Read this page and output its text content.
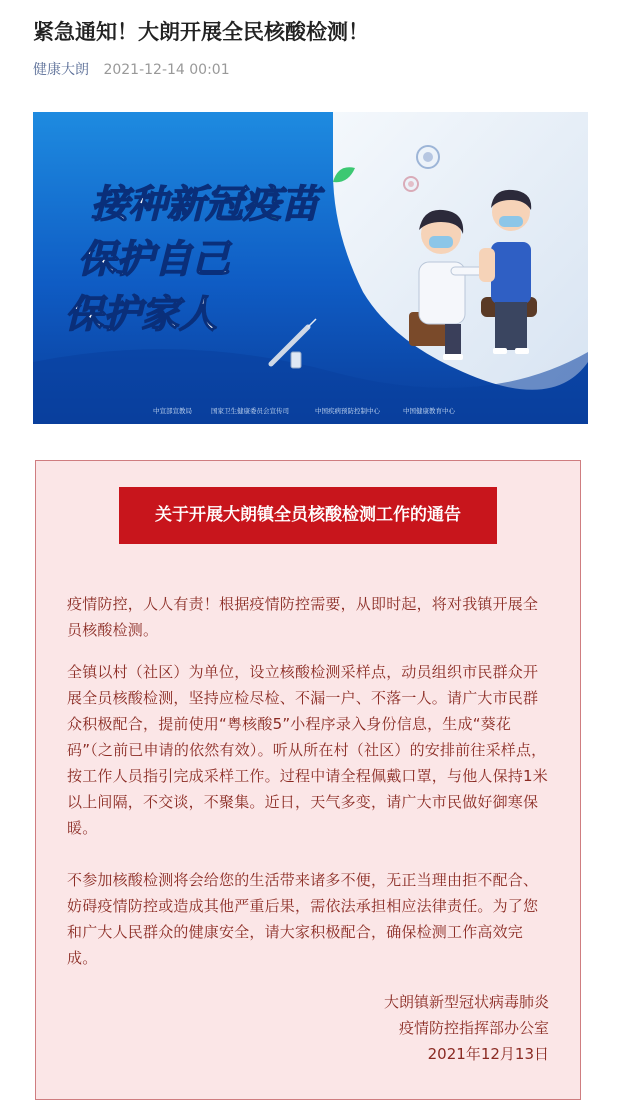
紧急通知！大朗开展全民核酸检测！
健康大朗 2021-12-14 00:01
接种新冠疫苗
保护自己
保护家人
中宣部宣教局	国家卫生健康委员会宣传司	中国疾病预防控制中心	中国健康教育中心
关于开展大朗镇全员核酸检测工作的通告

疫情防控，人人有责！根据疫情防控需要，从即时起，将对我镇开展全员核酸检测。

全镇以村（社区）为单位，设立核酸检测采样点，动员组织市民群众开展全员核酸检测，坚持应检尽检、不漏一户、不落一人。请广大市民群众积极配合，提前使用“粤核酸5”小程序录入身份信息，生成“葵花码”（之前已申请的依然有效）。听从所在村（社区）的安排前往采样点，按工作人员指引完成采样工作。过程中请全程佩戴口罩，与他人保持1米以上间隔，不交谈，不聚集。近日，天气多变，请广大市民做好御寒保暖。

不参加核酸检测将会给您的生活带来诸多不便，无正当理由拒不配合、妨碍疫情防控或造成其他严重后果，需依法承担相应法律责任。为了您和广大人民群众的健康安全，请大家积极配合，确保检测工作高效完成。

大朗镇新型冠状病毒肺炎
疫情防控指挥部办公室
2021年12月13日
